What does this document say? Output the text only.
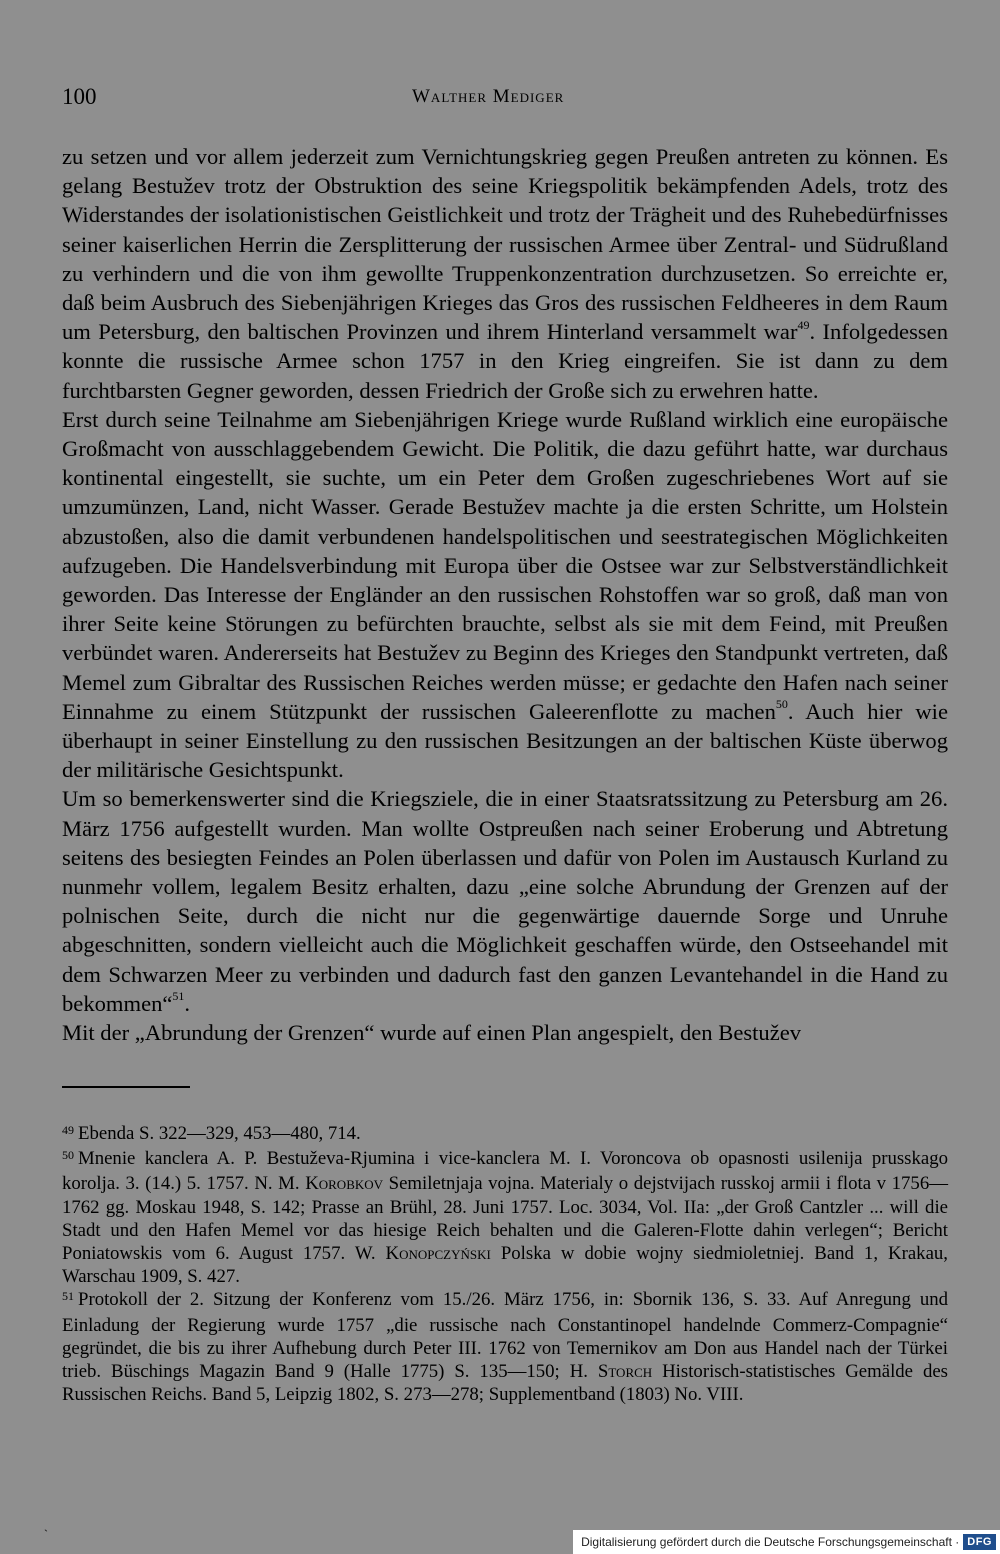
100	Walther Mediger

zu setzen und vor allem jederzeit zum Vernichtungskrieg gegen Preußen antreten zu können. Es gelang Bestužev trotz der Obstruktion des seine Kriegspolitik bekämpfenden Adels, trotz des Widerstandes der isolationistischen Geistlichkeit und trotz der Trägheit und des Ruhebedürfnisses seiner kaiserlichen Herrin die Zersplitterung der russischen Armee über Zentral- und Südrußland zu verhindern und die von ihm gewollte Truppenkonzentration durchzusetzen. So erreichte er, daß beim Ausbruch des Siebenjährigen Krieges das Gros des russischen Feldheeres in dem Raum um Petersburg, den baltischen Provinzen und ihrem Hinterland versammelt war$^{49}$. Infolgedessen konnte die russische Armee schon 1757 in den Krieg eingreifen. Sie ist dann zu dem furchtbarsten Gegner geworden, dessen Friedrich der Große sich zu erwehren hatte.

Erst durch seine Teilnahme am Siebenjährigen Kriege wurde Rußland wirklich eine europäische Großmacht von ausschlaggebendem Gewicht. Die Politik, die dazu geführt hatte, war durchaus kontinental eingestellt, sie suchte, um ein Peter dem Großen zugeschriebenes Wort auf sie umzumünzen, Land, nicht Wasser. Gerade Bestužev machte ja die ersten Schritte, um Holstein abzustoßen, also die damit verbundenen handelspolitischen und seestrategischen Möglichkeiten aufzugeben. Die Handelsverbindung mit Europa über die Ostsee war zur Selbstverständlichkeit geworden. Das Interesse der Engländer an den russischen Rohstoffen war so groß, daß man von ihrer Seite keine Störungen zu befürchten brauchte, selbst als sie mit dem Feind, mit Preußen verbündet waren. Andererseits hat Bestužev zu Beginn des Krieges den Standpunkt vertreten, daß Memel zum Gibraltar des Russischen Reiches werden müsse; er gedachte den Hafen nach seiner Einnahme zu einem Stützpunkt der russischen Galeerenflotte zu machen$^{50}$. Auch hier wie überhaupt in seiner Einstellung zu den russischen Besitzungen an der baltischen Küste überwog der militärische Gesichtspunkt.

Um so bemerkenswerter sind die Kriegsziele, die in einer Staatsratssitzung zu Petersburg am 26. März 1756 aufgestellt wurden. Man wollte Ostpreußen nach seiner Eroberung und Abtretung seitens des besiegten Feindes an Polen überlassen und dafür von Polen im Austausch Kurland zu nunmehr vollem, legalem Besitz erhalten, dazu „eine solche Abrundung der Grenzen auf der polnischen Seite, durch die nicht nur die gegenwärtige dauernde Sorge und Unruhe abgeschnitten, sondern vielleicht auch die Möglichkeit geschaffen würde, den Ostseehandel mit dem Schwarzen Meer zu verbinden und dadurch fast den ganzen Levantehandel in die Hand zu bekommen“$^{51}$.

Mit der „Abrundung der Grenzen“ wurde auf einen Plan angespielt, den Bestužev

$^{49}$ Ebenda S. 322—329, 453—480, 714.

$^{50}$ Mnenie kanclera A. P. Bestuževa-Rjumina i vice-kanclera M. I. Voroncova ob opasnosti usilenija prusskago korolja. 3. (14.) 5. 1757. N. M. Korobkov Semiletnjaja vojna. Materialy o dejstvijach russkoj armii i flota v 1756—1762 gg. Moskau 1948, S. 142; Prasse an Brühl, 28. Juni 1757. Loc. 3034, Vol. IIa: „der Groß Cantzler ... will die Stadt und den Hafen Memel vor das hiesige Reich behalten und die Galeren-Flotte dahin verlegen“; Bericht Poniatowskis vom 6. August 1757. W. Konopczyński Polska w dobie wojny siedmioletniej. Band 1, Krakau, Warschau 1909, S. 427.

$^{51}$ Protokoll der 2. Sitzung der Konferenz vom 15./26. März 1756, in: Sbornik 136, S. 33. Auf Anregung und Einladung der Regierung wurde 1757 „die russische nach Constantinopel handelnde Commerz-Compagnie“ gegründet, die bis zu ihrer Aufhebung durch Peter III. 1762 von Temernikov am Don aus Handel nach der Türkei trieb. Büschings Magazin Band 9 (Halle 1775) S. 135—150; H. Storch Historisch-statistisches Gemälde des Russischen Reichs. Band 5, Leipzig 1802, S. 273—278; Supplementband (1803) No. VIII.

ˏ
Digitalisierung gefördert durch die Deutsche Forschungsgemeinschaft · DFG
